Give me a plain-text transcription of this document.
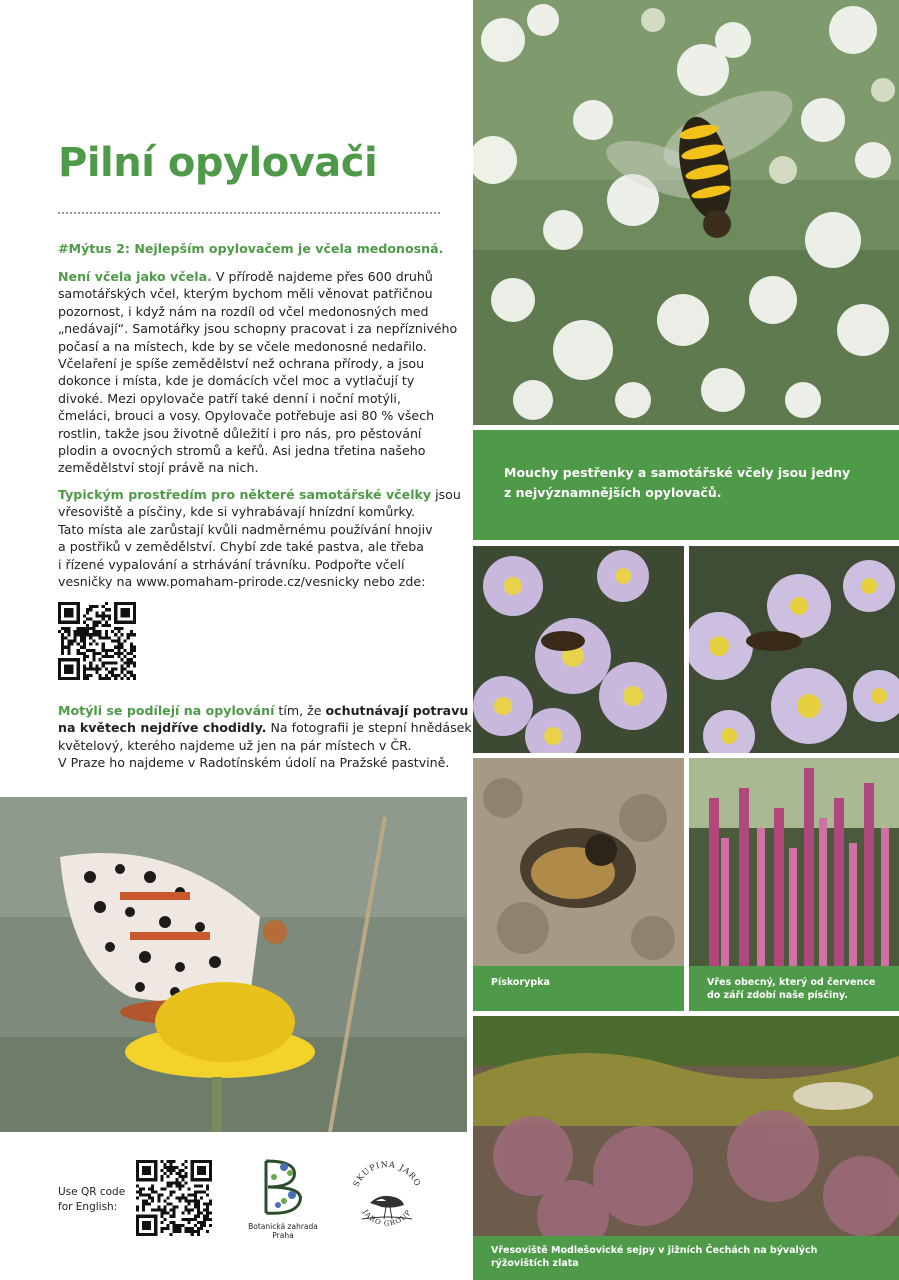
Mouchy pestřenky a samotářské včely jsou jedny
z nejvýznamnějších opylovačů.
Pískorypka	Vřes obecný, který od července
do září zdobí naše písčiny.
Vřesoviště Modlešovické sejpy v jižních Čechách na bývalých
rýžovištích zlata
Pilní opylovači
#Mýtus 2: Nejlepším opylovačem je včela medonosná.
Není včela jako včela. V přírodě najdeme přes 600 druhů
samotářských včel, kterým bychom měli věnovat patřičnou
pozornost, i když nám na rozdíl od včel medonosných med
„nedávají“. Samotářky jsou schopny pracovat i za nepříznivého
počasí a na místech, kde by se včele medonosné nedařilo.
Včelaření je spíše zemědělství než ochrana přírody, a jsou
dokonce i místa, kde je domácích včel moc a vytlačují ty
divoké. Mezi opylovače patří také denní i noční motýli,
čmeláci, brouci a vosy. Opylovače potřebuje asi 80 % všech
rostlin, takže jsou životně důležití i pro nás, pro pěstování
plodin a ovocných stromů a keřů. Asi jedna třetina našeho
zemědělství stojí právě na nich.
Typickým prostředím pro některé samotářské včelky jsou
vřesoviště a písčiny, kde si vyhrabávají hnízdní komůrky.
Tato místa ale zarůstají kvůli nadměrnému používání hnojiv
a postřiků v zemědělství. Chybí zde také pastva, ale třeba
i řízené vypalování a strhávání trávníku. Podpořte včelí
vesničky na www.pomaham-prirode.cz/vesnicky nebo zde:
Motýli se podílejí na opylování tím, že ochutnávají potravu
na květech nejdříve chodidly. Na fotografii je stepní hnědásek
květelový, kterého najdeme už jen na pár místech v ČR.
V Praze ho najdeme v Radotínském údolí na Pražské pastvině.
Use QR code
for English:
Botanická zahrada
Praha
SKUPINA JARO
JARO GROUP
